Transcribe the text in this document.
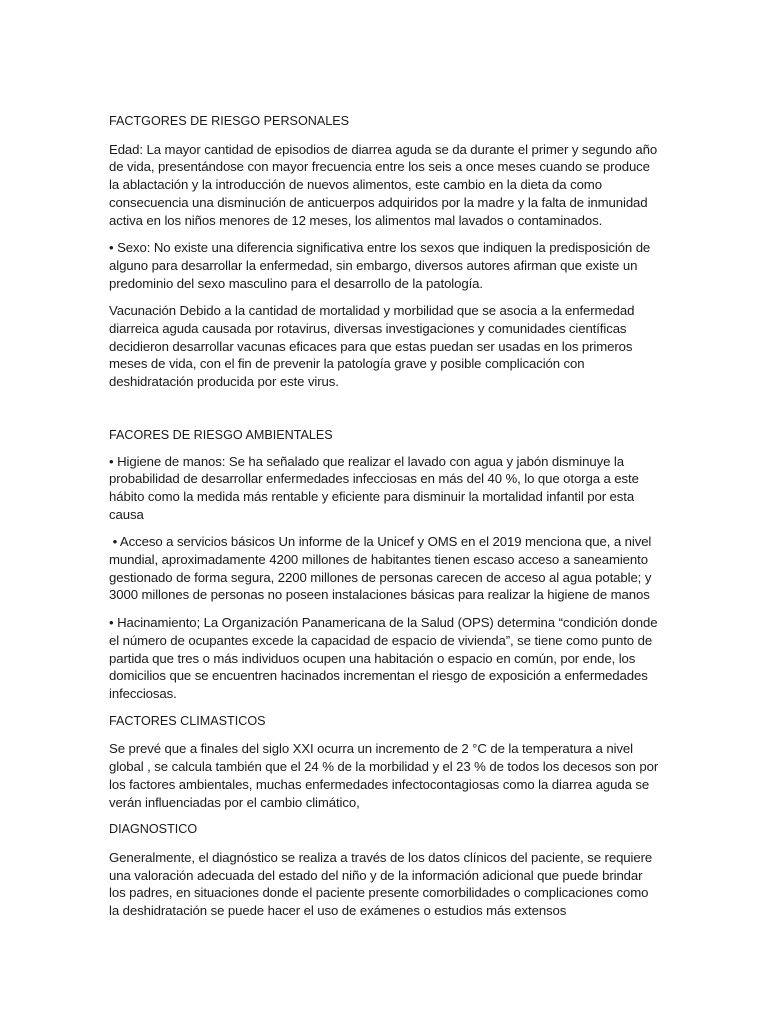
FACTGORES DE RIESGO PERSONALES

Edad: La mayor cantidad de episodios de diarrea aguda se da durante el primer y segundo año de vida, presentándose con mayor frecuencia entre los seis a once meses cuando se produce la ablactación y la introducción de nuevos alimentos, este cambio en la dieta da como consecuencia una disminución de anticuerpos adquiridos por la madre y la falta de inmunidad activa en los niños menores de 12 meses, los alimentos mal lavados o contaminados.

• Sexo: No existe una diferencia significativa entre los sexos que indiquen la predisposición de alguno para desarrollar la enfermedad, sin embargo, diversos autores afirman que existe un predominio del sexo masculino para el desarrollo de la patología.

Vacunación Debido a la cantidad de mortalidad y morbilidad que se asocia a la enfermedad diarreica aguda causada por rotavirus, diversas investigaciones y comunidades científicas decidieron desarrollar vacunas eficaces para que estas puedan ser usadas en los primeros meses de vida, con el fin de prevenir la patología grave y posible complicación con deshidratación producida por este virus.

FACORES DE RIESGO AMBIENTALES

• Higiene de manos: Se ha señalado que realizar el lavado con agua y jabón disminuye la probabilidad de desarrollar enfermedades infecciosas en más del 40 %, lo que otorga a este hábito como la medida más rentable y eficiente para disminuir la mortalidad infantil por esta causa

• Acceso a servicios básicos Un informe de la Unicef y OMS en el 2019 menciona que, a nivel mundial, aproximadamente 4200 millones de habitantes tienen escaso acceso a saneamiento gestionado de forma segura, 2200 millones de personas carecen de acceso al agua potable; y 3000 millones de personas no poseen instalaciones básicas para realizar la higiene de manos

• Hacinamiento; La Organización Panamericana de la Salud (OPS) determina “condición donde el número de ocupantes excede la capacidad de espacio de vivienda”, se tiene como punto de partida que tres o más individuos ocupen una habitación o espacio en común, por ende, los domicilios que se encuentren hacinados incrementan el riesgo de exposición a enfermedades infecciosas.

FACTORES CLIMASTICOS

Se prevé que a finales del siglo XXI ocurra un incremento de 2 °C de la temperatura a nivel global , se calcula también que el 24 % de la morbilidad y el 23 % de todos los decesos son por los factores ambientales, muchas enfermedades infectocontagiosas como la diarrea aguda se verán influenciadas por el cambio climático,

DIAGNOSTICO

Generalmente, el diagnóstico se realiza a través de los datos clínicos del paciente, se requiere una valoración adecuada del estado del niño y de la información adicional que puede brindar los padres, en situaciones donde el paciente presente comorbilidades o complicaciones como la deshidratación se puede hacer el uso de exámenes o estudios más extensos
